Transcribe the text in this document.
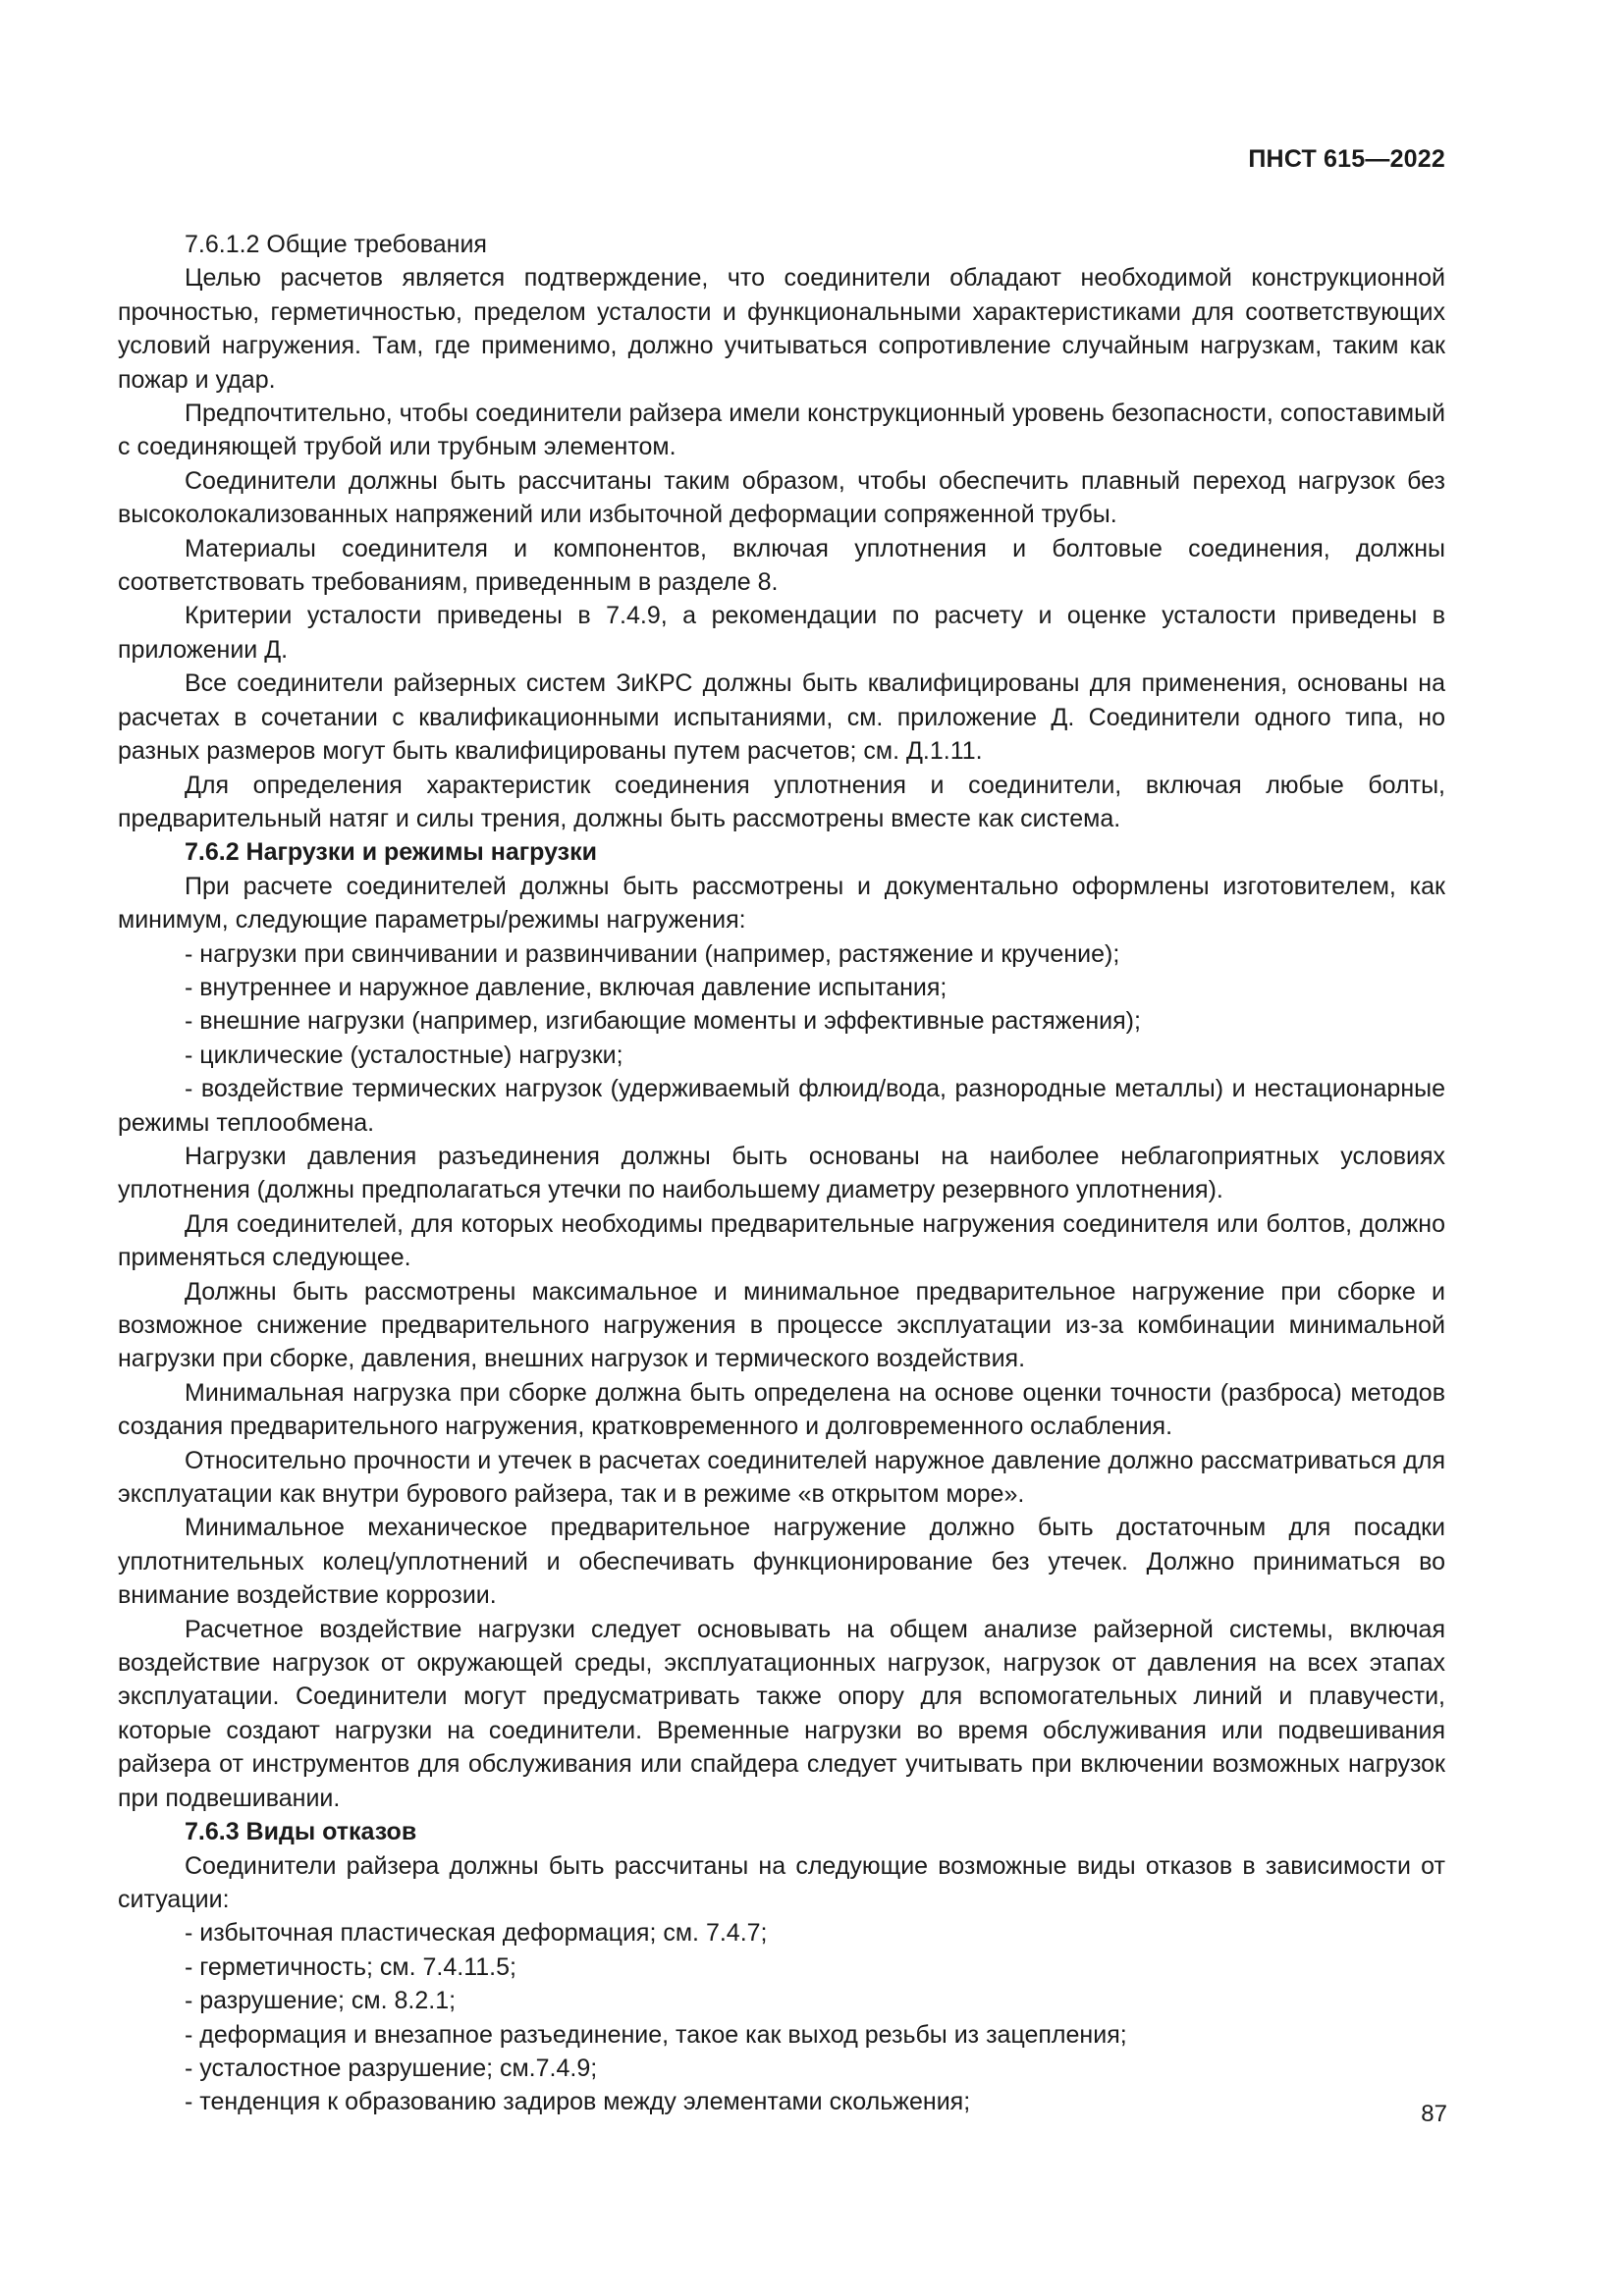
ПНСТ 615—2022

7.6.1.2 Общие требования

Целью расчетов является подтверждение, что соединители обладают необходимой конструкционной прочностью, герметичностью, пределом усталости и функциональными характеристиками для соответствующих условий нагружения. Там, где применимо, должно учитываться сопротивление случайным нагрузкам, таким как пожар и удар.

Предпочтительно, чтобы соединители райзера имели конструкционный уровень безопасности, сопоставимый с соединяющей трубой или трубным элементом.

Соединители должны быть рассчитаны таким образом, чтобы обеспечить плавный переход нагрузок без высоколокализованных напряжений или избыточной деформации сопряженной трубы.

Материалы соединителя и компонентов, включая уплотнения и болтовые соединения, должны соответствовать требованиям, приведенным в разделе 8.

Критерии усталости приведены в 7.4.9, а рекомендации по расчету и оценке усталости приведены в приложении Д.

Все соединители райзерных систем ЗиКРС должны быть квалифицированы для применения, основаны на расчетах в сочетании с квалификационными испытаниями, см. приложение Д. Соединители одного типа, но разных размеров могут быть квалифицированы путем расчетов; см. Д.1.11.

Для определения характеристик соединения уплотнения и соединители, включая любые болты, предварительный натяг и силы трения, должны быть рассмотрены вместе как система.

7.6.2 Нагрузки и режимы нагрузки

При расчете соединителей должны быть рассмотрены и документально оформлены изготовителем, как минимум, следующие параметры/режимы нагружения:

- нагрузки при свинчивании и развинчивании (например, растяжение и кручение);

- внутреннее и наружное давление, включая давление испытания;

- внешние нагрузки (например, изгибающие моменты и эффективные растяжения);

- циклические (усталостные) нагрузки;

- воздействие термических нагрузок (удерживаемый флюид/вода, разнородные металлы) и нестационарные режимы теплообмена.

Нагрузки давления разъединения должны быть основаны на наиболее неблагоприятных условиях уплотнения (должны предполагаться утечки по наибольшему диаметру резервного уплотнения).

Для соединителей, для которых необходимы предварительные нагружения соединителя или болтов, должно применяться следующее.

Должны быть рассмотрены максимальное и минимальное предварительное нагружение при сборке и возможное снижение предварительного нагружения в процессе эксплуатации из-за комбинации минимальной нагрузки при сборке, давления, внешних нагрузок и термического воздействия.

Минимальная нагрузка при сборке должна быть определена на основе оценки точности (разброса) методов создания предварительного нагружения, кратковременного и долговременного ослабления.

Относительно прочности и утечек в расчетах соединителей наружное давление должно рассматриваться для эксплуатации как внутри бурового райзера, так и в режиме «в открытом море».

Минимальное механическое предварительное нагружение должно быть достаточным для посадки уплотнительных колец/уплотнений и обеспечивать функционирование без утечек. Должно приниматься во внимание воздействие коррозии.

Расчетное воздействие нагрузки следует основывать на общем анализе райзерной системы, включая воздействие нагрузок от окружающей среды, эксплуатационных нагрузок, нагрузок от давления на всех этапах эксплуатации. Соединители могут предусматривать также опору для вспомогательных линий и плавучести, которые создают нагрузки на соединители. Временные нагрузки во время обслуживания или подвешивания райзера от инструментов для обслуживания или спайдера следует учитывать при включении возможных нагрузок при подвешивании.

7.6.3 Виды отказов

Соединители райзера должны быть рассчитаны на следующие возможные виды отказов в зависимости от ситуации:

- избыточная пластическая деформация; см. 7.4.7;

- герметичность; см. 7.4.11.5;

- разрушение; см. 8.2.1;

- деформация и внезапное разъединение, такое как выход резьбы из зацепления;

- усталостное разрушение; см.7.4.9;

- тенденция к образованию задиров между элементами скольжения;	87
